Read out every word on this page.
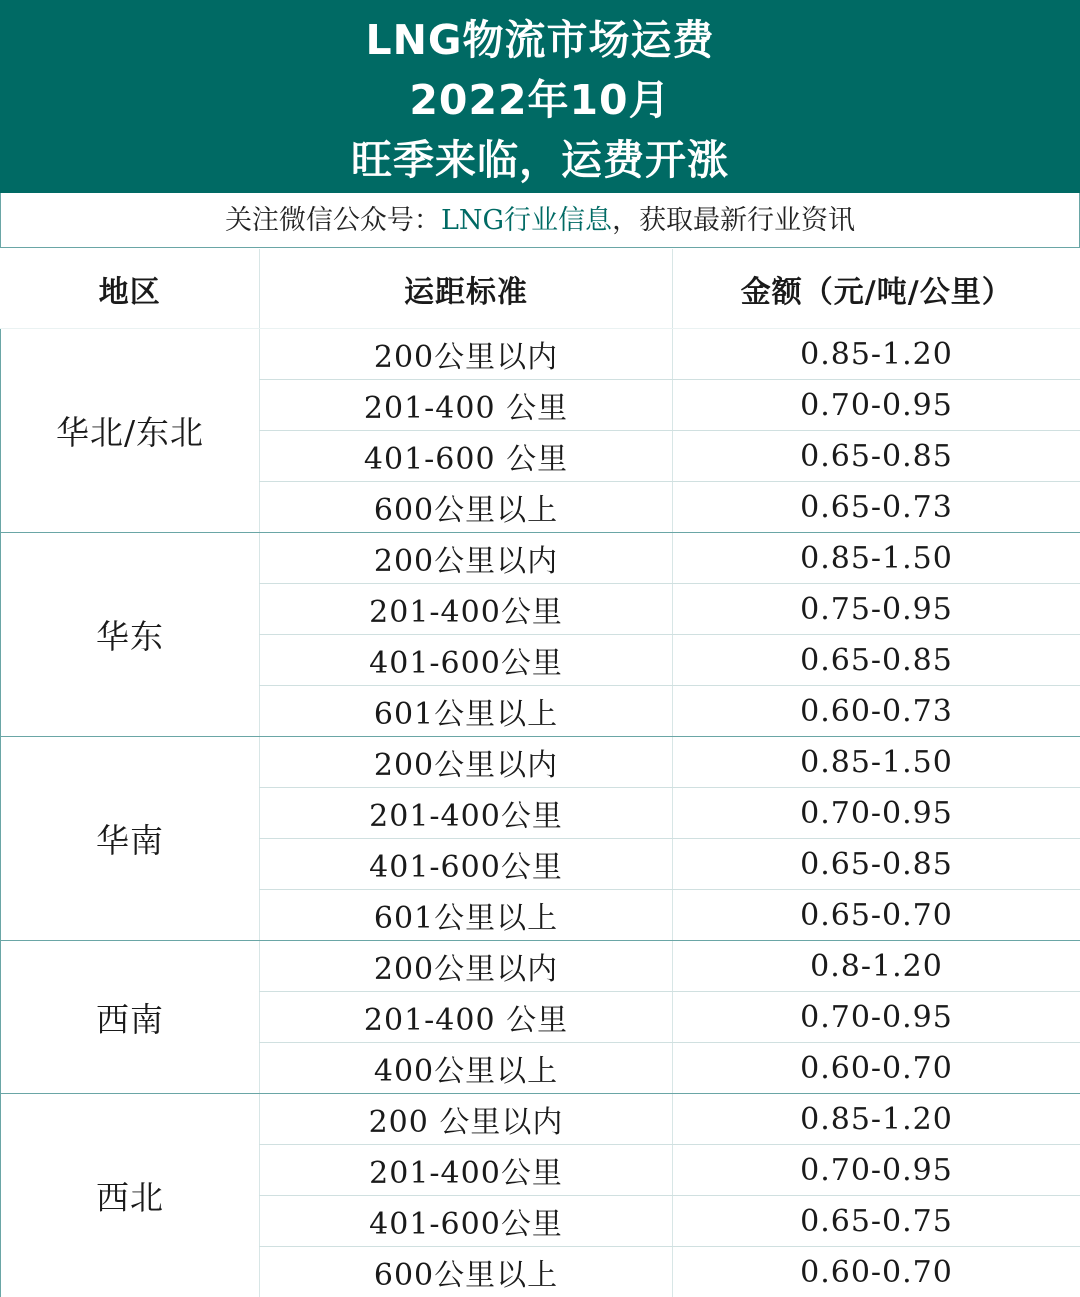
LNG物流市场运费
2022年10月
旺季来临，运费开涨
关注微信公众号：LNG行业信息，获取最新行业资讯
地区	运距标准	金额（元/吨/公里）
华北/东北	200公里以内	0.85-1.20
	201-400 公里	0.70-0.95
	401-600 公里	0.65-0.85
	600公里以上	0.65-0.73
华东	200公里以内	0.85-1.50
	201-400公里	0.75-0.95
	401-600公里	0.65-0.85
	601公里以上	0.60-0.73
华南	200公里以内	0.85-1.50
	201-400公里	0.70-0.95
	401-600公里	0.65-0.85
	601公里以上	0.65-0.70
西南	200公里以内	0.8-1.20
	201-400 公里	0.70-0.95
	400公里以上	0.60-0.70
西北	200 公里以内	0.85-1.20
	201-400公里	0.70-0.95
	401-600公里	0.65-0.75
	600公里以上	0.60-0.70
